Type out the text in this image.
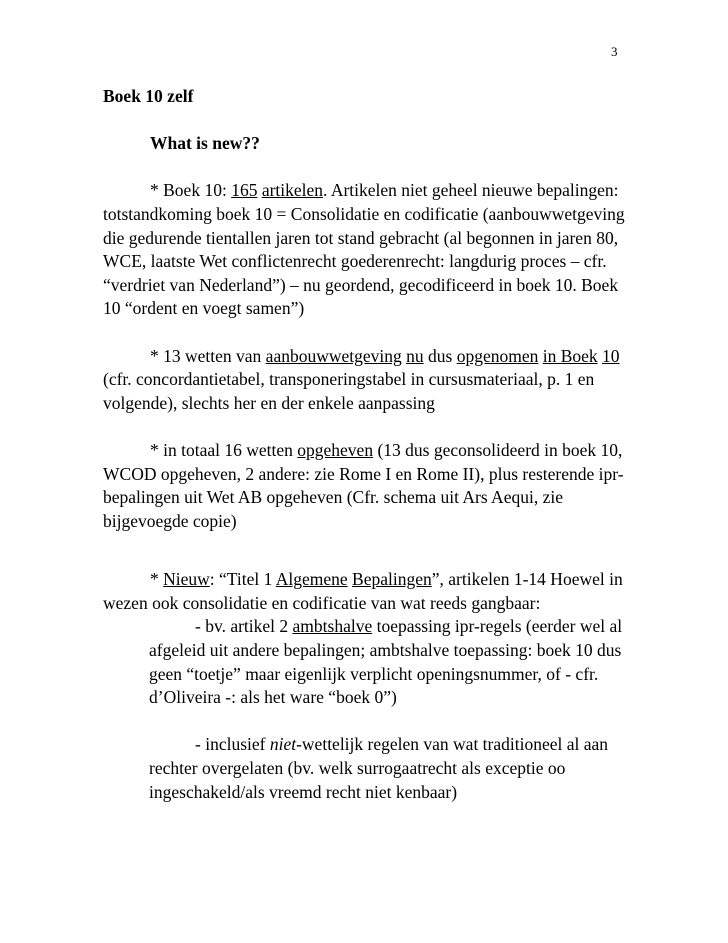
3

Boek 10 zelf

What is new??

* Boek 10: 165 artikelen. Artikelen niet geheel nieuwe bepalingen: totstandkoming boek 10 = Consolidatie en codificatie (aanbouwwetgeving die gedurende tientallen jaren tot stand gebracht (al begonnen in jaren 80, WCE, laatste Wet conflictenrecht goederenrecht: langdurig proces – cfr. “verdriet van Nederland”) – nu geordend, gecodificeerd in boek 10. Boek 10 “ordent en voegt samen”)

* 13 wetten van aanbouwwetgeving nu dus opgenomen in Boek 10 (cfr. concordantietabel, transponeringstabel in cursusmateriaal, p. 1 en volgende), slechts her en der enkele aanpassing

* in totaal 16 wetten opgeheven (13 dus geconsolideerd in boek 10, WCOD opgeheven, 2 andere: zie Rome I en Rome II), plus resterende ipr-bepalingen uit Wet AB opgeheven (Cfr. schema uit Ars Aequi, zie bijgevoegde copie)

* Nieuw: “Titel 1 Algemene Bepalingen”, artikelen 1-14 Hoewel in wezen ook consolidatie en codificatie van wat reeds gangbaar:

- bv. artikel 2 ambtshalve toepassing ipr-regels (eerder wel al afgeleid uit andere bepalingen; ambtshalve toepassing: boek 10 dus geen “toetje” maar eigenlijk verplicht openingsnummer, of - cfr. d’Oliveira -: als het ware “boek 0”)

- inclusief niet-wettelijk regelen van wat traditioneel al aan rechter overgelaten (bv. welk surrogaatrecht als exceptie oo ingeschakeld/als vreemd recht niet kenbaar)
